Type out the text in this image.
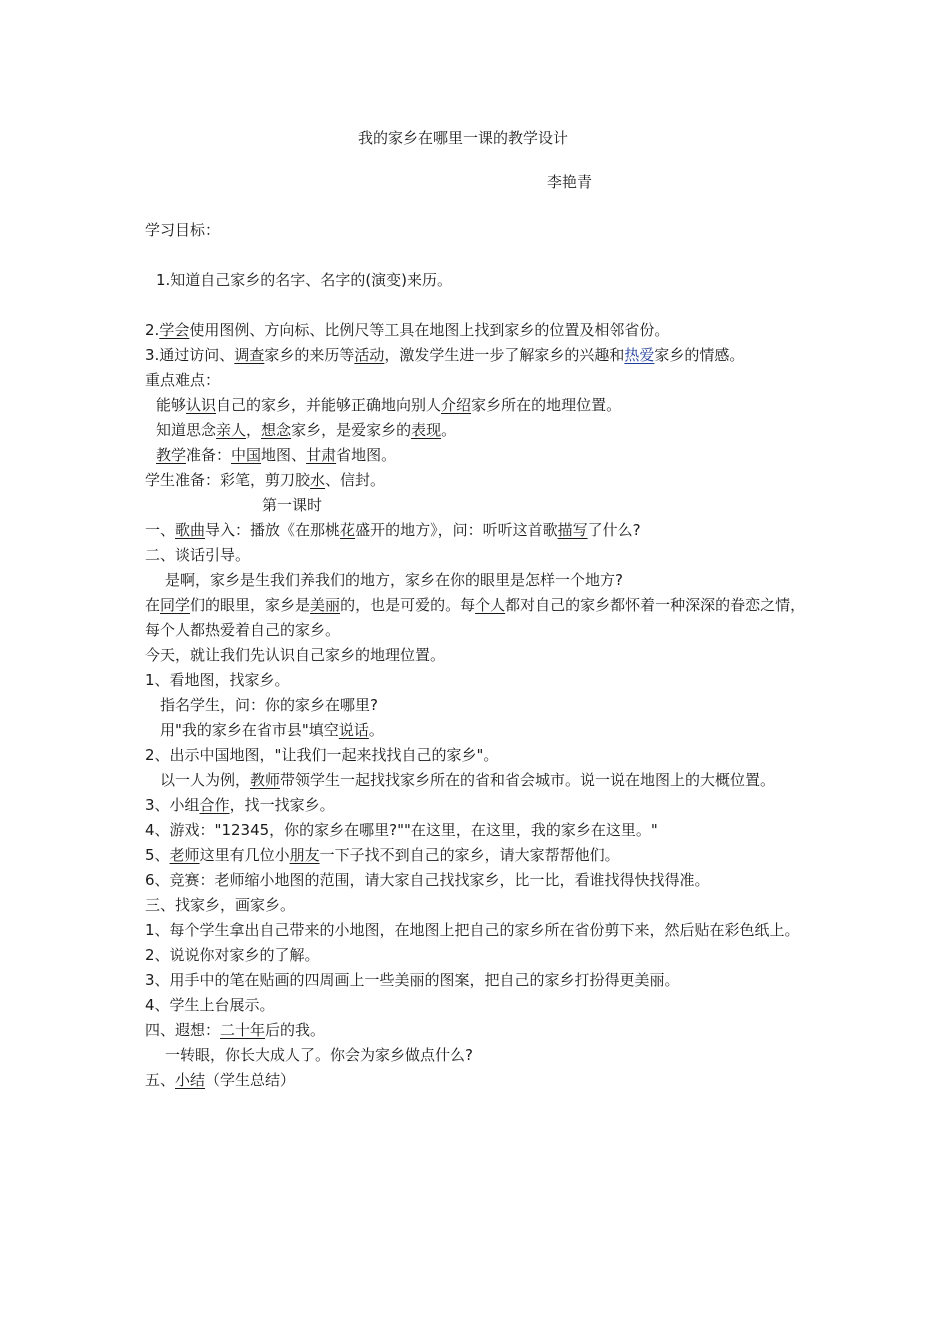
我的家乡在哪里一课的教学设计
李艳青
学习目标：
1.知道自己家乡的名字、名字的(演变)来历。
2.学会使用图例、方向标、比例尺等工具在地图上找到家乡的位置及相邻省份。
3.通过访问、调查家乡的来历等活动，激发学生进一步了解家乡的兴趣和热爱家乡的情感。
重点难点：
能够认识自己的家乡，并能够正确地向别人介绍家乡所在的地理位置。
知道思念亲人，想念家乡，是爱家乡的表现。
教学准备：中国地图、甘肃省地图。
学生准备：彩笔，剪刀胶水、信封。
第一课时
一、歌曲导入：播放《在那桃花盛开的地方》，问：听听这首歌描写了什么?
二、谈话引导。
是啊，家乡是生我们养我们的地方，家乡在你的眼里是怎样一个地方?
在同学们的眼里，家乡是美丽的，也是可爱的。每个人都对自己的家乡都怀着一种深深的眷恋之情，每个人都热爱着自己的家乡。
今天，就让我们先认识自己家乡的地理位置。
1、看地图，找家乡。
指名学生，问：你的家乡在哪里?
用"我的家乡在省市县"填空说话。
2、出示中国地图，"让我们一起来找找自己的家乡"。
以一人为例，教师带领学生一起找找家乡所在的省和省会城市。说一说在地图上的大概位置。
3、小组合作，找一找家乡。
4、游戏："12345，你的家乡在哪里?""在这里，在这里，我的家乡在这里。"
5、老师这里有几位小朋友一下子找不到自己的家乡，请大家帮帮他们。
6、竞赛：老师缩小地图的范围，请大家自己找找家乡，比一比，看谁找得快找得准。
三、找家乡，画家乡。
1、每个学生拿出自己带来的小地图，在地图上把自己的家乡所在省份剪下来，然后贴在彩色纸上。
2、说说你对家乡的了解。
3、用手中的笔在贴画的四周画上一些美丽的图案，把自己的家乡打扮得更美丽。
4、学生上台展示。
四、遐想：二十年后的我。
一转眼，你长大成人了。你会为家乡做点什么?
五、小结（学生总结）
